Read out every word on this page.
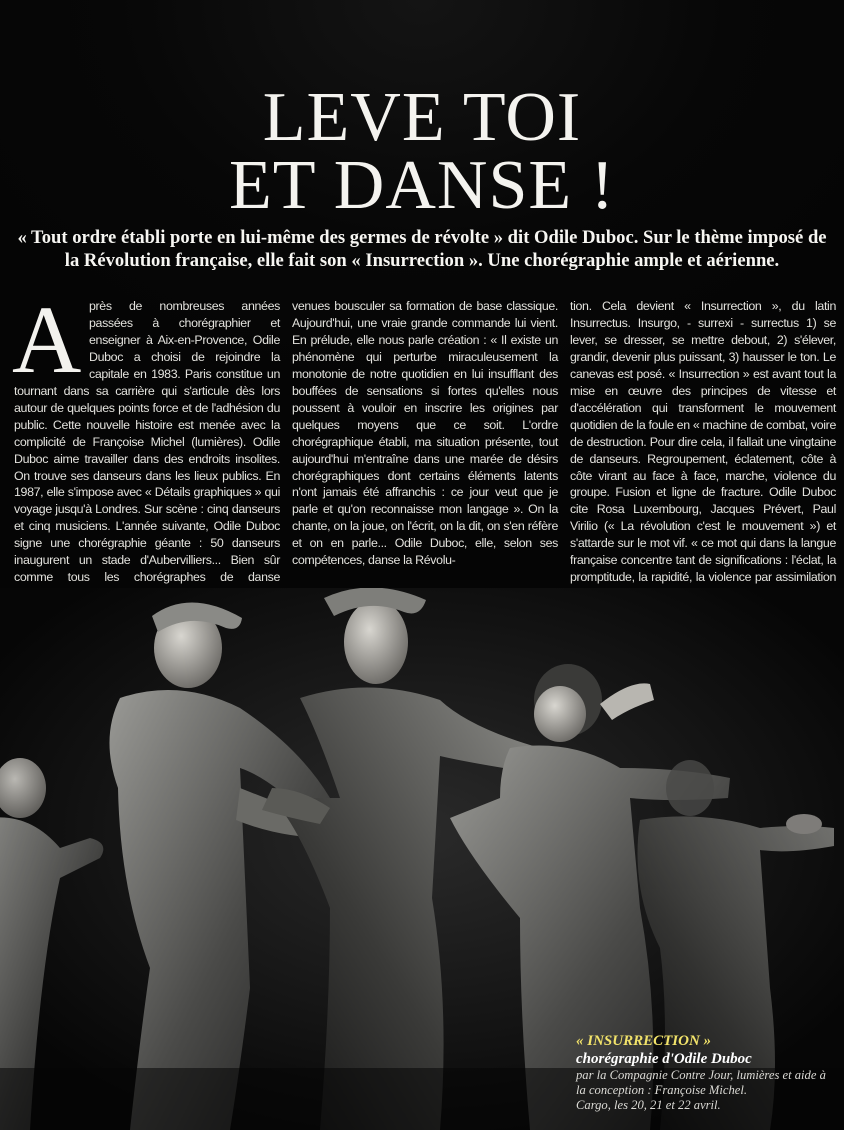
LEVE TOI
ET DANSE !

« Tout ordre établi porte en lui-même des germes de révolte » dit Odile Duboc. Sur le thème imposé de la Révolution française, elle fait son « Insurrection ». Une chorégraphie ample et aérienne.

A près de nombreuses années passées à chorégraphier et enseigner à Aix-en-Provence, Odile Duboc a choisi de rejoindre la capitale en 1983. Paris constitue un tournant dans sa carrière qui s'articule dès lors autour de quelques points force et de l'adhésion du public. Cette nouvelle histoire est menée avec la complicité de Françoise Michel (lumières). Odile Duboc aime travailler dans des endroits insolites. On trouve ses danseurs dans les lieux publics. En 1987, elle s'impose avec « Détails graphiques » qui voyage jusqu'à Londres. Sur scène : cinq danseurs et cinq musiciens. L'année suivante, Odile Duboc signe une chorégraphie géante : 50 danseurs inaugurent un stade d'Aubervilliers... Bien sûr comme tous les chorégraphes de danse

venues bousculer sa formation de base classique. Aujourd'hui, une vraie grande commande lui vient. En prélude, elle nous parle création : « Il existe un phénomène qui perturbe miraculeusement la monotonie de notre quotidien en lui insufflant des bouffées de sensations si fortes qu'elles nous poussent à vouloir en inscrire les origines par quelques moyens que ce soit. L'ordre chorégraphique établi, ma situation présente, tout aujourd'hui m'entraîne dans une marée de désirs chorégraphiques dont certains éléments latents n'ont jamais été affranchis : ce jour veut que je parle et qu'on reconnaisse mon langage ». On la chante, on la joue, on l'écrit, on la dit, on s'en réfère et on en parle... Odile Duboc, elle, selon ses compétences, danse la Révolu-

tion. Cela devient « Insurrection », du latin Insurrectus. Insurgo, - surrexi - surrectus 1) se lever, se dresser, se mettre debout, 2) s'élever, grandir, devenir plus puissant, 3) hausser le ton. Le canevas est posé. « Insurrection » est avant tout la mise en œuvre des principes de vitesse et d'accélération qui transforment le mouvement quotidien de la foule en « machine de combat, voire de destruction. Pour dire cela, il fallait une vingtaine de danseurs. Regroupement, éclatement, côte à côte virant au face à face, marche, violence du groupe. Fusion et ligne de fracture. Odile Duboc cite Rosa Luxembourg, Jacques Prévert, Paul Virilio (« La révolution c'est le mouvement ») et s'attarde sur le mot vif. « ce mot qui dans la langue française concentre tant de significations : l'éclat, la promptitude, la rapidité, la violence par assimilation

« INSURRECTION »
chorégraphie d'Odile Duboc
par la Compagnie Contre Jour, lumières et aide à la conception : Françoise Michel.
Cargo, les 20, 21 et 22 avril.
